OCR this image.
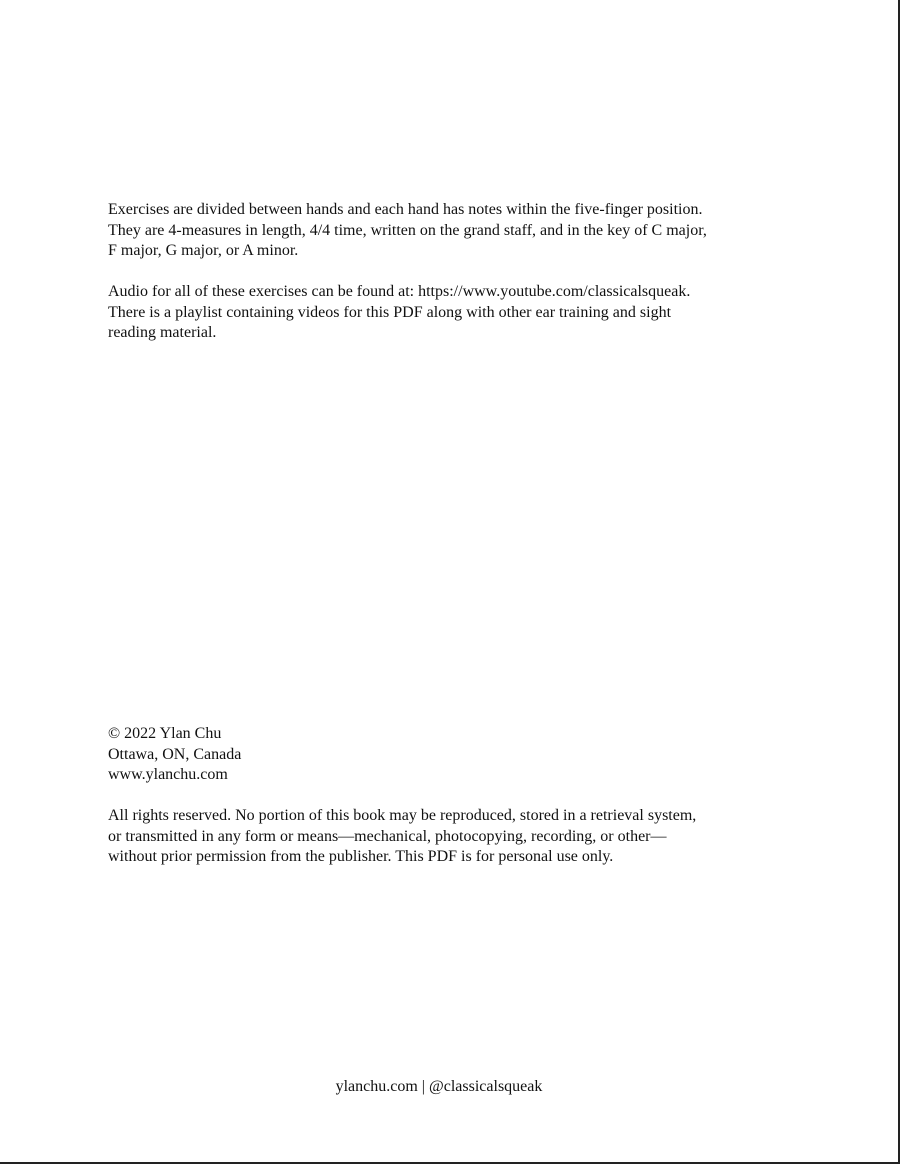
Exercises are divided between hands and each hand has notes within the five-finger position.
They are 4-measures in length, 4/4 time, written on the grand staff, and in the key of C major,
F major, G major, or A minor.

Audio for all of these exercises can be found at: https://www.youtube.com/classicalsqueak.
There is a playlist containing videos for this PDF along with other ear training and sight
reading material.

© 2022 Ylan Chu
Ottawa, ON, Canada
www.ylanchu.com

All rights reserved. No portion of this book may be reproduced, stored in a retrieval system,
or transmitted in any form or means—mechanical, photocopying, recording, or other—
without prior permission from the publisher. This PDF is for personal use only.

ylanchu.com | @classicalsqueak
